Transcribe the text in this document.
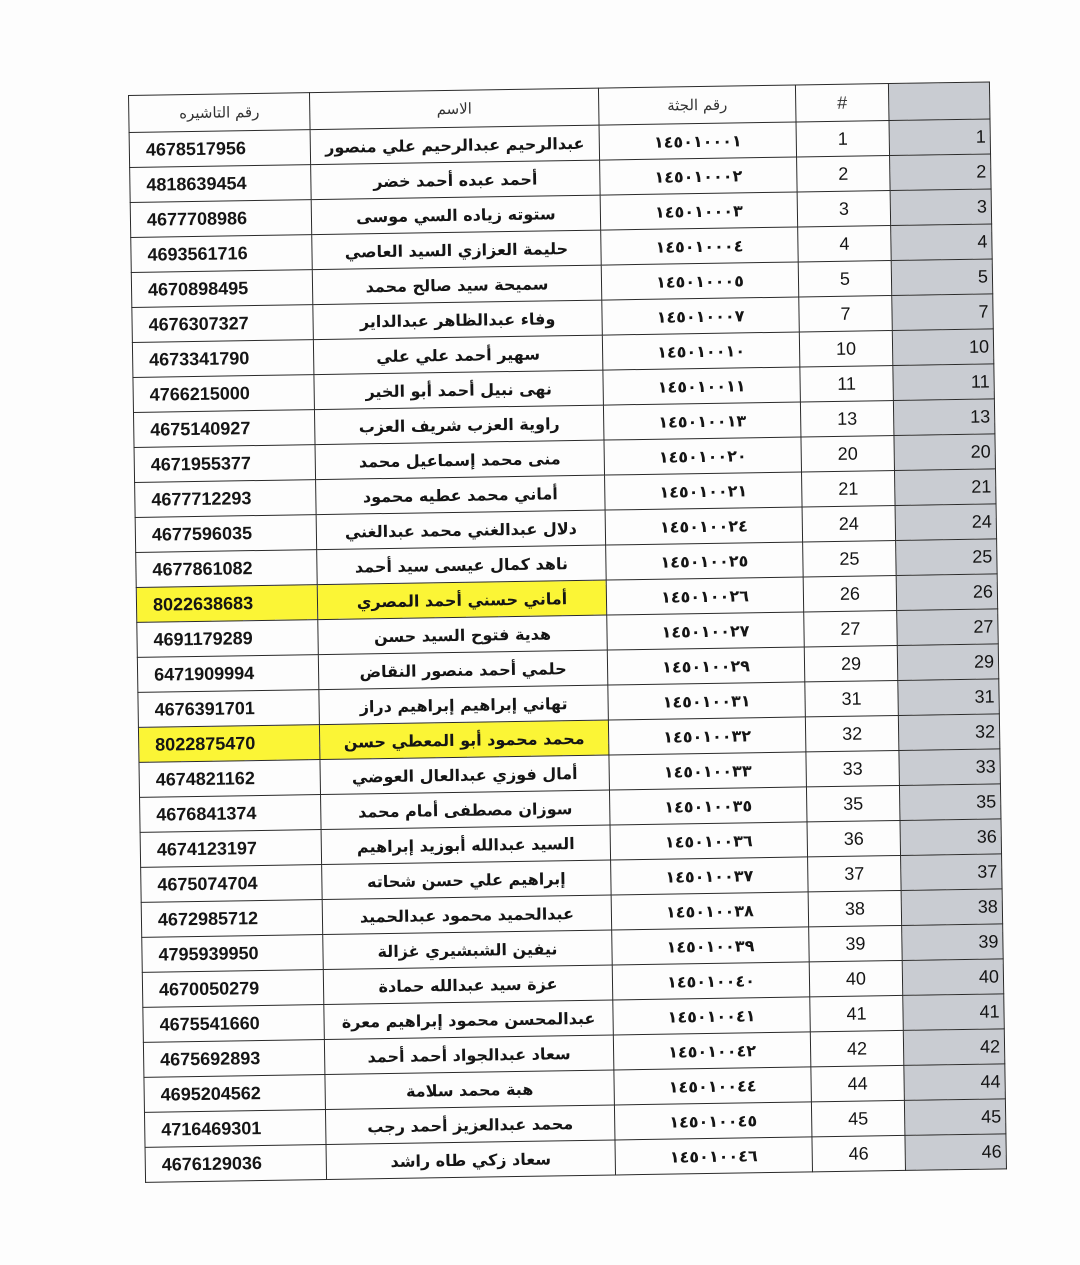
رقم التاشيره	الاسم	رقم الجثة	#	
4678517956	عبدالرحيم عبدالرحيم علي منصور	١٤٥٠١٠٠٠١	1	1
4818639454	أحمد عبده أحمد خضر	١٤٥٠١٠٠٠٢	2	2
4677708986	ستوته زياده السي موسى	١٤٥٠١٠٠٠٣	3	3
4693561716	حليمة العزازي السيد العاصي	١٤٥٠١٠٠٠٤	4	4
4670898495	سميحة سيد صالح محمد	١٤٥٠١٠٠٠٥	5	5
4676307327	وفاء عبدالظاهر عبدالداير	١٤٥٠١٠٠٠٧	7	7
4673341790	سهير أحمد علي علي	١٤٥٠١٠٠١٠	10	10
4766215000	نهى نبيل أحمد أبو الخير	١٤٥٠١٠٠١١	11	11
4675140927	راوية العزب شريف العزب	١٤٥٠١٠٠١٣	13	13
4671955377	منى محمد إسماعيل محمد	١٤٥٠١٠٠٢٠	20	20
4677712293	أماني محمد عطيه محمود	١٤٥٠١٠٠٢١	21	21
4677596035	دلال عبدالغني محمد عبدالغني	١٤٥٠١٠٠٢٤	24	24
4677861082	ناهد كمال عيسى سيد أحمد	١٤٥٠١٠٠٢٥	25	25
8022638683	أماني حسني أحمد المصري	١٤٥٠١٠٠٢٦	26	26
4691179289	هدية فتوح السيد حسن	١٤٥٠١٠٠٢٧	27	27
6471909994	حلمي أحمد منصور النقاض	١٤٥٠١٠٠٢٩	29	29
4676391701	تهاني إبراهيم إبراهيم دراز	١٤٥٠١٠٠٣١	31	31
8022875470	محمد محمود أبو المعطي حسن	١٤٥٠١٠٠٣٢	32	32
4674821162	أمال فوزي عبدالعال العوضي	١٤٥٠١٠٠٣٣	33	33
4676841374	سوزان مصطفى أمام محمد	١٤٥٠١٠٠٣٥	35	35
4674123197	السيد عبدالله أبوزيد إبراهيم	١٤٥٠١٠٠٣٦	36	36
4675074704	إبراهيم علي حسن شحاته	١٤٥٠١٠٠٣٧	37	37
4672985712	عبدالحميد محمود عبدالحميد	١٤٥٠١٠٠٣٨	38	38
4795939950	نيفين الشبشيري غزالة	١٤٥٠١٠٠٣٩	39	39
4670050279	عزة سيد عبدالله حمادة	١٤٥٠١٠٠٤٠	40	40
4675541660	عبدالمحسن محمود إبراهيم معرة	١٤٥٠١٠٠٤١	41	41
4675692893	سعاد عبدالجواد أحمد أحمد	١٤٥٠١٠٠٤٢	42	42
4695204562	هبة محمد سلامة	١٤٥٠١٠٠٤٤	44	44
4716469301	محمد عبدالعزيز أحمد رجب	١٤٥٠١٠٠٤٥	45	45
4676129036	سعاد زكي طاه راشد	١٤٥٠١٠٠٤٦	46	46
